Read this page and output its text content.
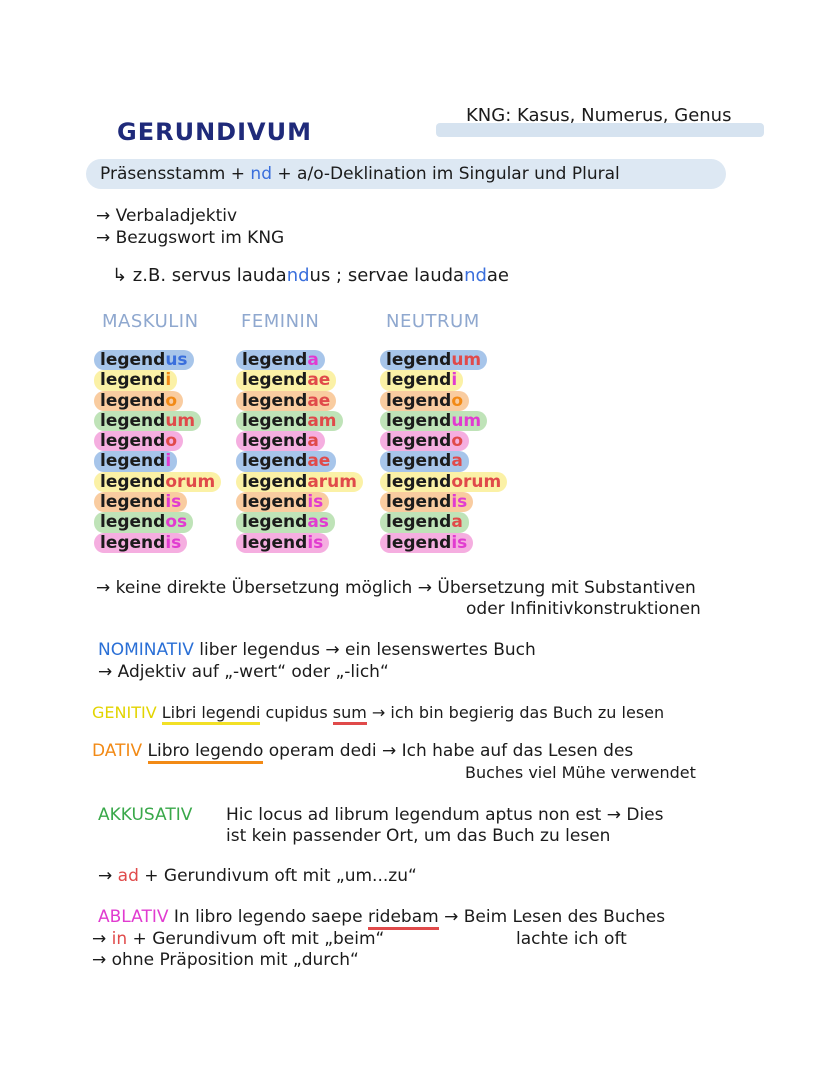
KNG: Kasus, Numerus, Genus
GERUNDIVUM
Präsensstamm + nd + a/o-Deklination im Singular und Plural
→ Verbaladjektiv
→ Bezugswort im KNG
↳ z.B. servus laudandus ; servae laudandae
MASKULIN FEMININ	NEUTRUM
legendus
legendi
legendo
legendum
legendo
legendi
legendorum
legendis
legendos
legendis
legenda
legendae
legendae
legendam
legenda
legendae
legendarum
legendis
legendas
legendis
legendum
legendi
legendo
legendum
legendo
legenda
legendorum
legendis
legenda
legendis
→ keine direkte Übersetzung möglich → Übersetzung mit Substantiven
oder Infinitivkonstruktionen
NOMINATIV liber legendus → ein lesenswertes Buch
→ Adjektiv auf „-wert“ oder „-lich“
GENITIV Libri legendi cupidus sum → ich bin begierig das Buch zu lesen
DATIV Libro legendo operam dedi → Ich habe auf das Lesen des
Buches viel Mühe verwendet
AKKUSATIV Hic locus ad librum legendum aptus non est → Dies
ist kein passender Ort, um das Buch zu lesen
→ ad + Gerundivum oft mit „um...zu“
ABLATIV In libro legendo saepe ridebam → Beim Lesen des Buches
lachte ich oft
→ in + Gerundivum oft mit „beim“
→ ohne Präposition mit „durch“
